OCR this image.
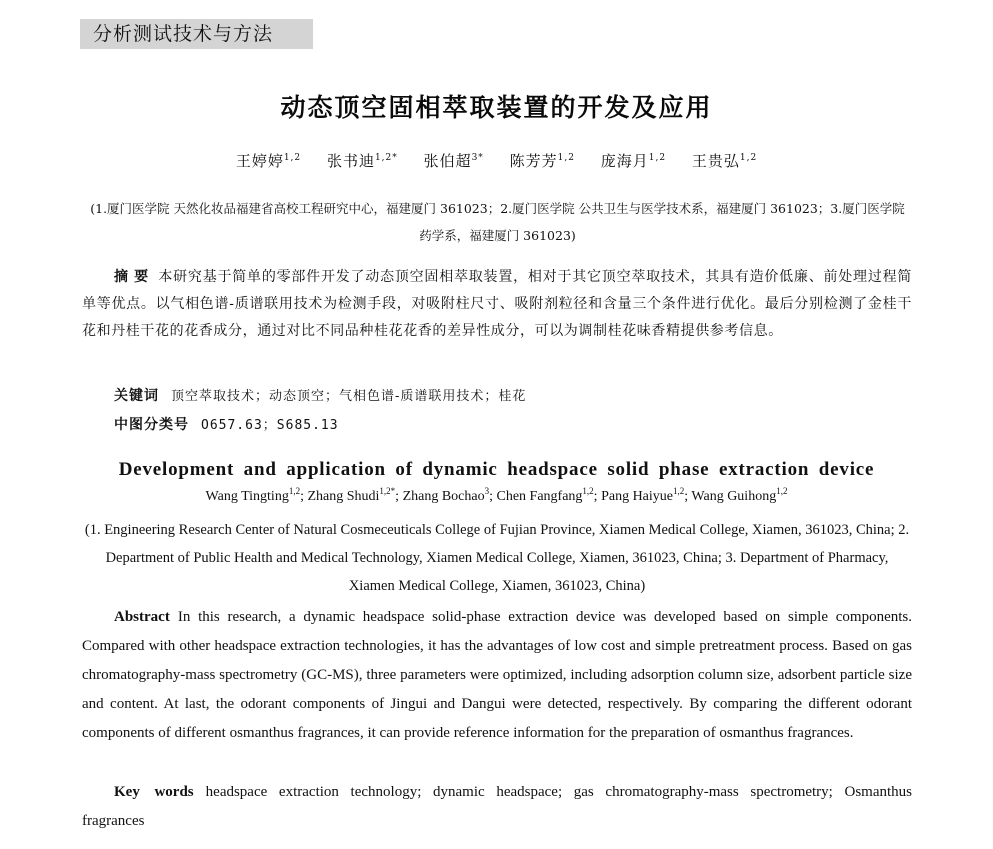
分析测试技术与方法
动态顶空固相萃取装置的开发及应用
王婷婷$^{1,2}$ 张书迪$^{1,2*}$ 张伯超$^{3*}$ 陈芳芳$^{1,2}$ 庞海月$^{1,2}$ 王贵弘$^{1,2}$
(1.厦门医学院 天然化妆品福建省高校工程研究中心，福建厦门 361023；2.厦门医学院 公共卫生与医学技术系，福建厦门 361023；3.厦门医学院 药学系，福建厦门 361023)
摘要 本研究基于简单的零部件开发了动态顶空固相萃取装置，相对于其它顶空萃取技术，其具有造价低廉、前处理过程简单等优点。以气相色谱-质谱联用技术为检测手段，对吸附柱尺寸、吸附剂粒径和含量三个条件进行优化。最后分别检测了金桂干花和丹桂干花的花香成分，通过对比不同品种桂花花香的差异性成分，可以为调制桂花味香精提供参考信息。
关键词 顶空萃取技术；动态顶空；气相色谱-质谱联用技术；桂花
中图分类号 O657.63；S685.13
Development and application of dynamic headspace solid phase extraction device
Wang Tingting$^{1,2}$; Zhang Shudi$^{1,2*}$; Zhang Bochao$^3$; Chen Fangfang$^{1,2}$; Pang Haiyue$^{1,2}$; Wang Guihong$^{1,2}$
(1. Engineering Research Center of Natural Cosmeceuticals College of Fujian Province, Xiamen Medical College, Xiamen, 361023, China; 2. Department of Public Health and Medical Technology, Xiamen Medical College, Xiamen, 361023, China; 3. Department of Pharmacy, Xiamen Medical College, Xiamen, 361023, China)
Abstract In this research, a dynamic headspace solid-phase extraction device was developed based on simple components. Compared with other headspace extraction technologies, it has the advantages of low cost and simple pretreatment process. Based on gas chromatography-mass spectrometry (GC-MS), three parameters were optimized, including adsorption column size, adsorbent particle size and content. At last, the odorant components of Jingui and Dangui were detected, respectively. By comparing the different odorant components of different osmanthus fragrances, it can provide reference information for the preparation of osmanthus fragrances.
Key words headspace extraction technology; dynamic headspace; gas chromatography-mass spectrometry; Osmanthus fragrances
